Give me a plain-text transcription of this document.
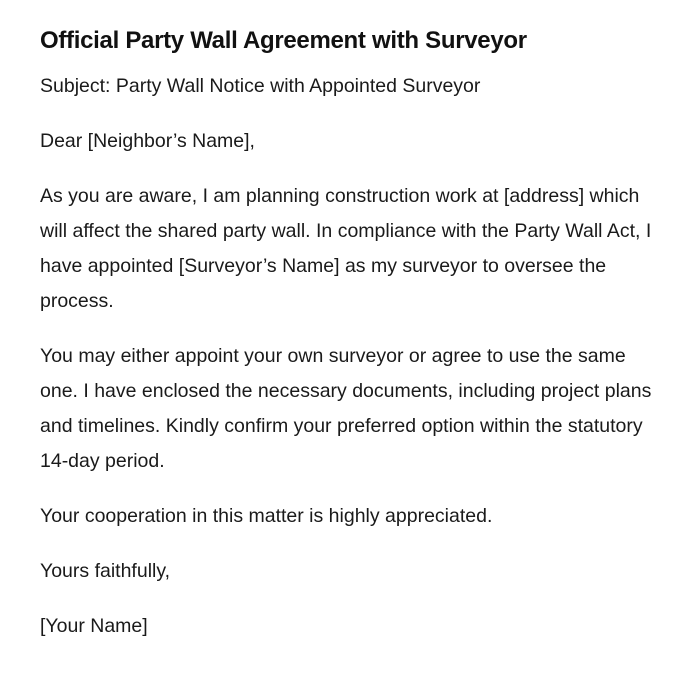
Official Party Wall Agreement with Surveyor

Subject: Party Wall Notice with Appointed Surveyor

Dear [Neighbor’s Name],

As you are aware, I am planning construction work at [address] which will affect the shared party wall. In compliance with the Party Wall Act, I have appointed [Surveyor’s Name] as my surveyor to oversee the process.

You may either appoint your own surveyor or agree to use the same one. I have enclosed the necessary documents, including project plans and timelines. Kindly confirm your preferred option within the statutory 14-day period.

Your cooperation in this matter is highly appreciated.

Yours faithfully,

[Your Name]
